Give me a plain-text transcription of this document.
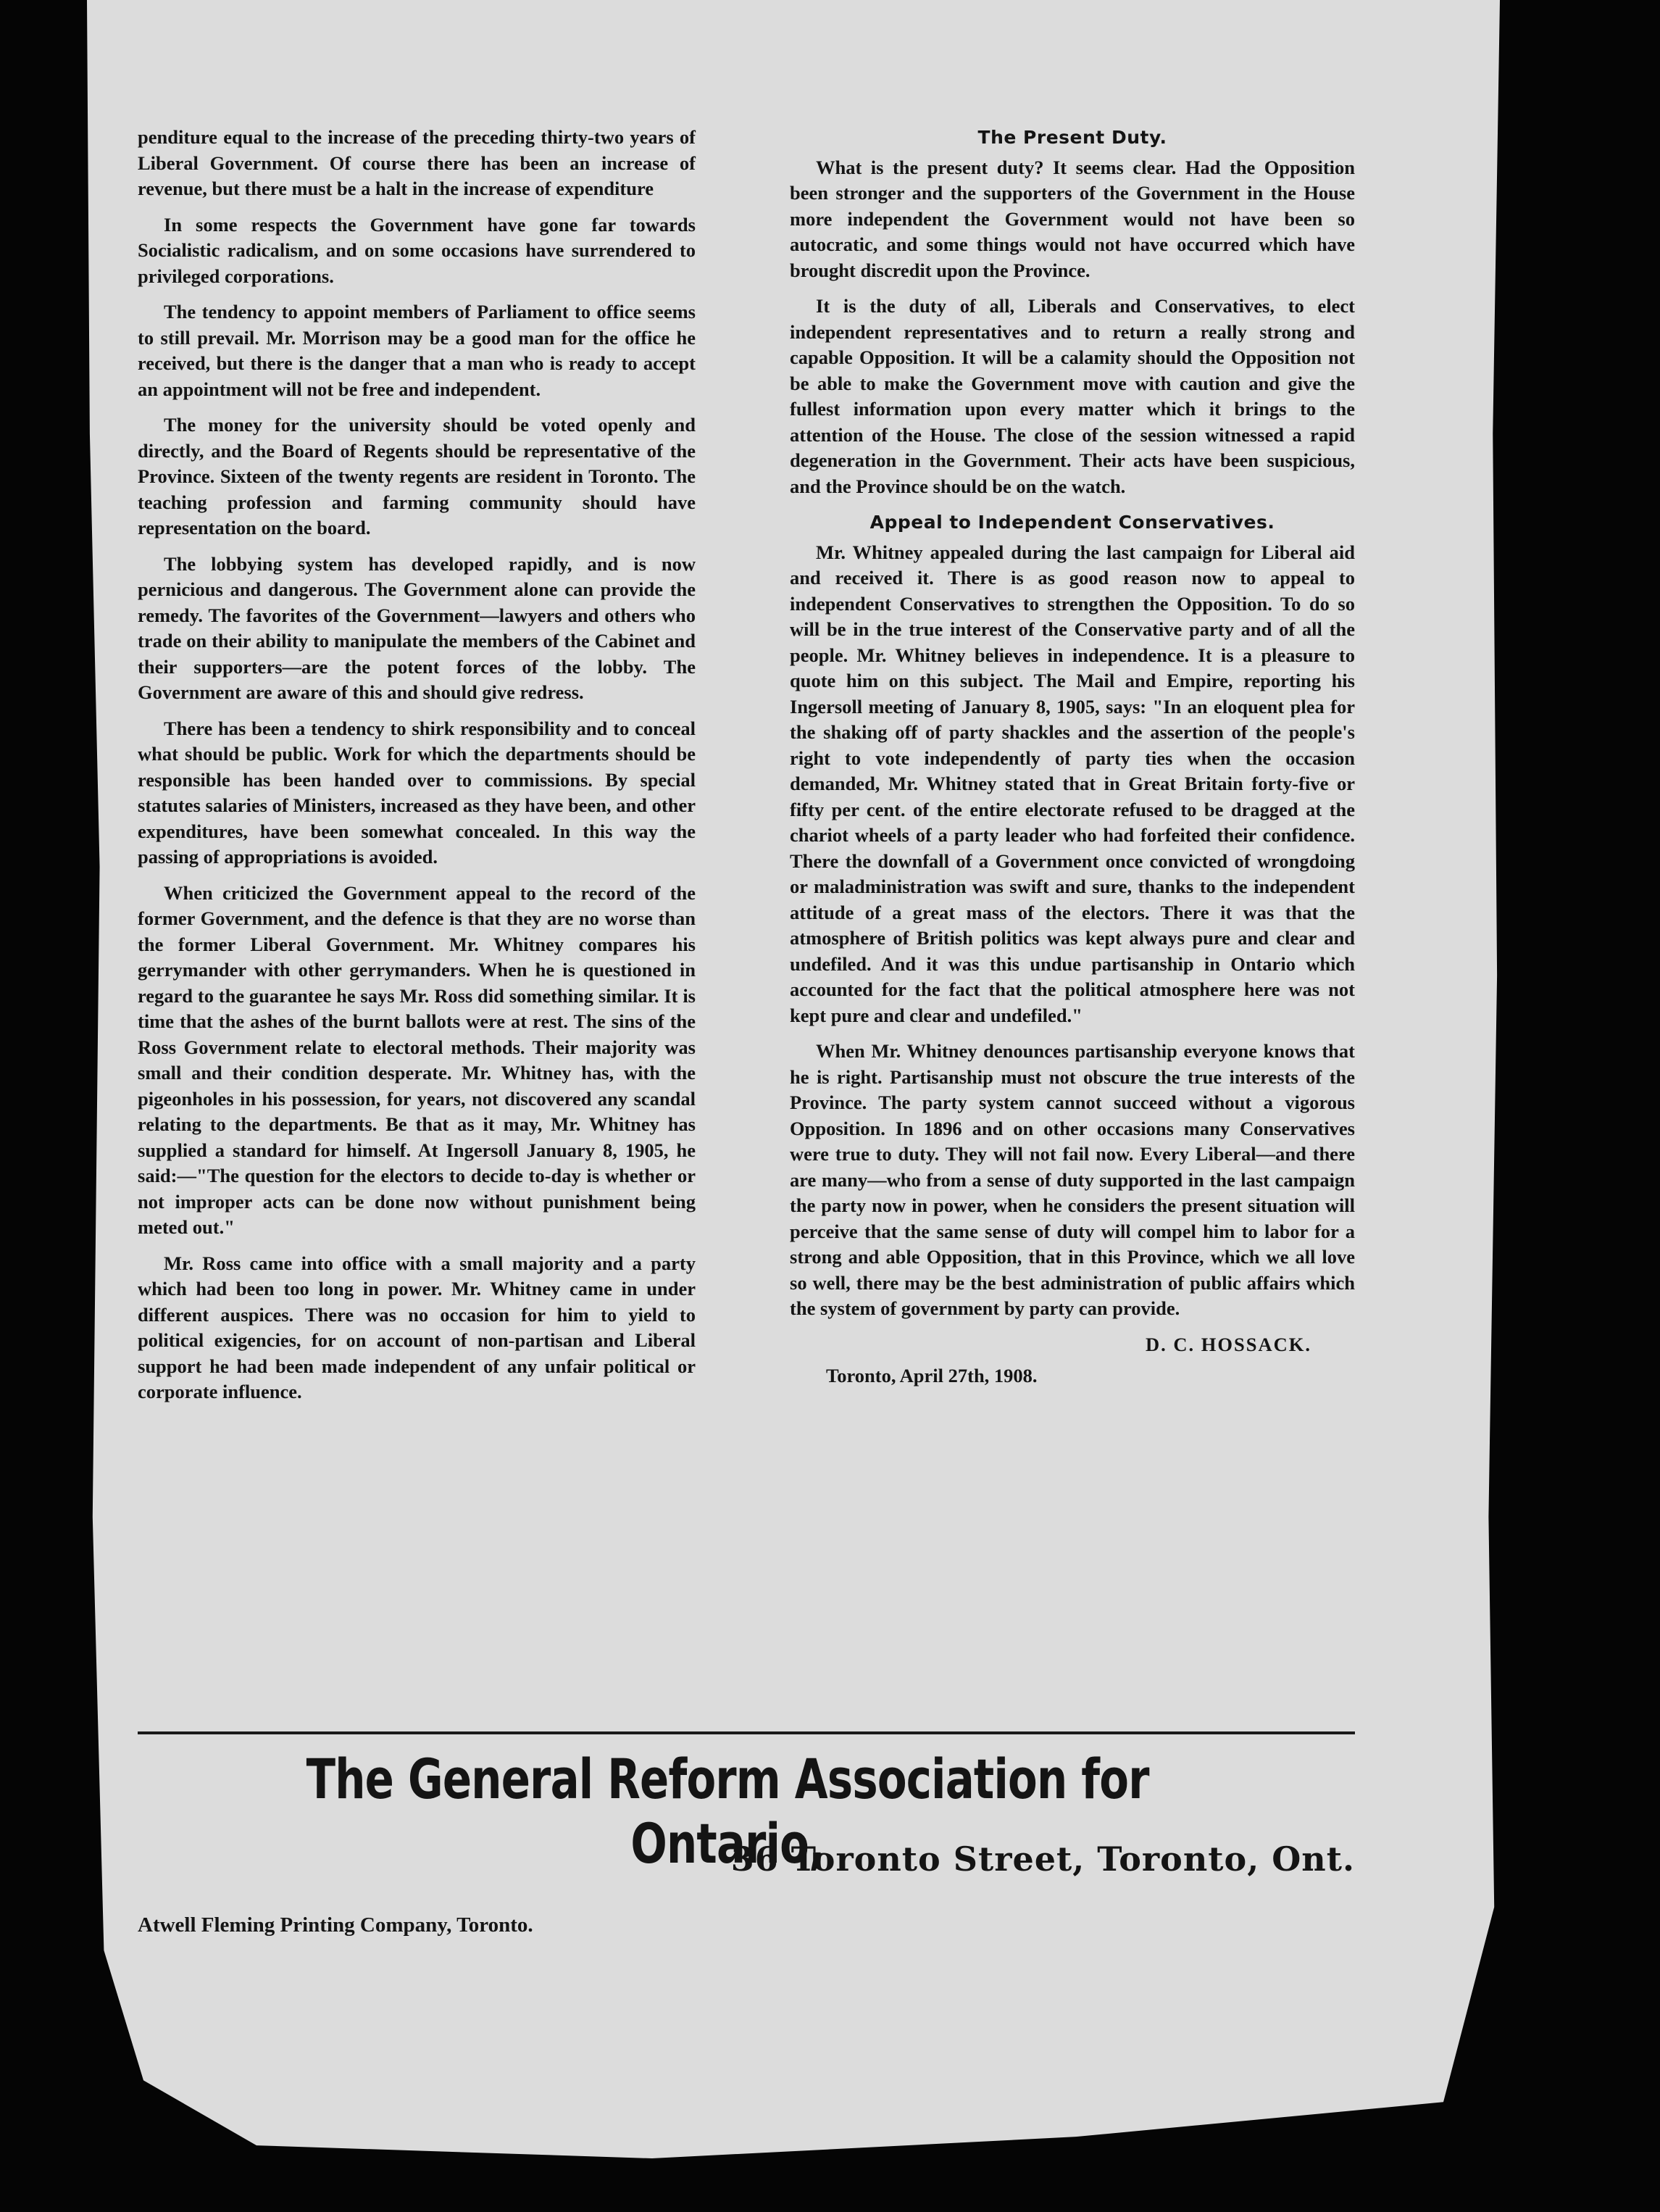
penditure equal to the increase of the preceding thirty-two years of Liberal Government. Of course there has been an increase of revenue, but there must be a halt in the increase of expenditure

In some respects the Government have gone far towards Socialistic radicalism, and on some occasions have surrendered to privileged corporations.

The tendency to appoint members of Parliament to office seems to still prevail. Mr. Morrison may be a good man for the office he received, but there is the danger that a man who is ready to accept an appointment will not be free and independent.

The money for the university should be voted openly and directly, and the Board of Regents should be representative of the Province. Sixteen of the twenty regents are resident in Toronto. The teaching profession and farming community should have representation on the board.

The lobbying system has developed rapidly, and is now pernicious and dangerous. The Government alone can provide the remedy. The favorites of the Government—lawyers and others who trade on their ability to manipulate the members of the Cabinet and their supporters—are the potent forces of the lobby. The Government are aware of this and should give redress.

There has been a tendency to shirk responsibility and to conceal what should be public. Work for which the departments should be responsible has been handed over to commissions. By special statutes salaries of Ministers, increased as they have been, and other expenditures, have been somewhat concealed. In this way the passing of appropriations is avoided.

When criticized the Government appeal to the record of the former Government, and the defence is that they are no worse than the former Liberal Government. Mr. Whitney compares his gerrymander with other gerrymanders. When he is questioned in regard to the guarantee he says Mr. Ross did something similar. It is time that the ashes of the burnt ballots were at rest. The sins of the Ross Government relate to electoral methods. Their majority was small and their condition desperate. Mr. Whitney has, with the pigeonholes in his possession, for years, not discovered any scandal relating to the departments. Be that as it may, Mr. Whitney has supplied a standard for himself. At Ingersoll January 8, 1905, he said:—"The question for the electors to decide to-day is whether or not improper acts can be done now without punishment being meted out."

Mr. Ross came into office with a small majority and a party which had been too long in power. Mr. Whitney came in under different auspices. There was no occasion for him to yield to political exigencies, for on account of non-partisan and Liberal support he had been made independent of any unfair political or corporate influence.

The Present Duty.

What is the present duty? It seems clear. Had the Opposition been stronger and the supporters of the Government in the House more independent the Government would not have been so autocratic, and some things would not have occurred which have brought discredit upon the Province.

It is the duty of all, Liberals and Conservatives, to elect independent representatives and to return a really strong and capable Opposition. It will be a calamity should the Opposition not be able to make the Government move with caution and give the fullest information upon every matter which it brings to the attention of the House. The close of the session witnessed a rapid degeneration in the Government. Their acts have been suspicious, and the Province should be on the watch.

Appeal to Independent Conservatives.

Mr. Whitney appealed during the last campaign for Liberal aid and received it. There is as good reason now to appeal to independent Conservatives to strengthen the Opposition. To do so will be in the true interest of the Conservative party and of all the people. Mr. Whitney believes in independence. It is a pleasure to quote him on this subject. The Mail and Empire, reporting his Ingersoll meeting of January 8, 1905, says: "In an eloquent plea for the shaking off of party shackles and the assertion of the people's right to vote independently of party ties when the occasion demanded, Mr. Whitney stated that in Great Britain forty-five or fifty per cent. of the entire electorate refused to be dragged at the chariot wheels of a party leader who had forfeited their confidence. There the downfall of a Government once convicted of wrongdoing or maladministration was swift and sure, thanks to the independent attitude of a great mass of the electors. There it was that the atmosphere of British politics was kept always pure and clear and undefiled. And it was this undue partisanship in Ontario which accounted for the fact that the political atmosphere here was not kept pure and clear and undefiled."

When Mr. Whitney denounces partisanship everyone knows that he is right. Partisanship must not obscure the true interests of the Province. The party system cannot succeed without a vigorous Opposition. In 1896 and on other occasions many Conservatives were true to duty. They will not fail now. Every Liberal—and there are many—who from a sense of duty supported in the last campaign the party now in power, when he considers the present situation will perceive that the same sense of duty will compel him to labor for a strong and able Opposition, that in this Province, which we all love so well, there may be the best administration of public affairs which the system of government by party can provide.

D. C. HOSSACK.
Toronto, April 27th, 1908.
The General Reform Association for Ontario,
36 Toronto Street, Toronto, Ont.
Atwell Fleming Printing Company, Toronto.
